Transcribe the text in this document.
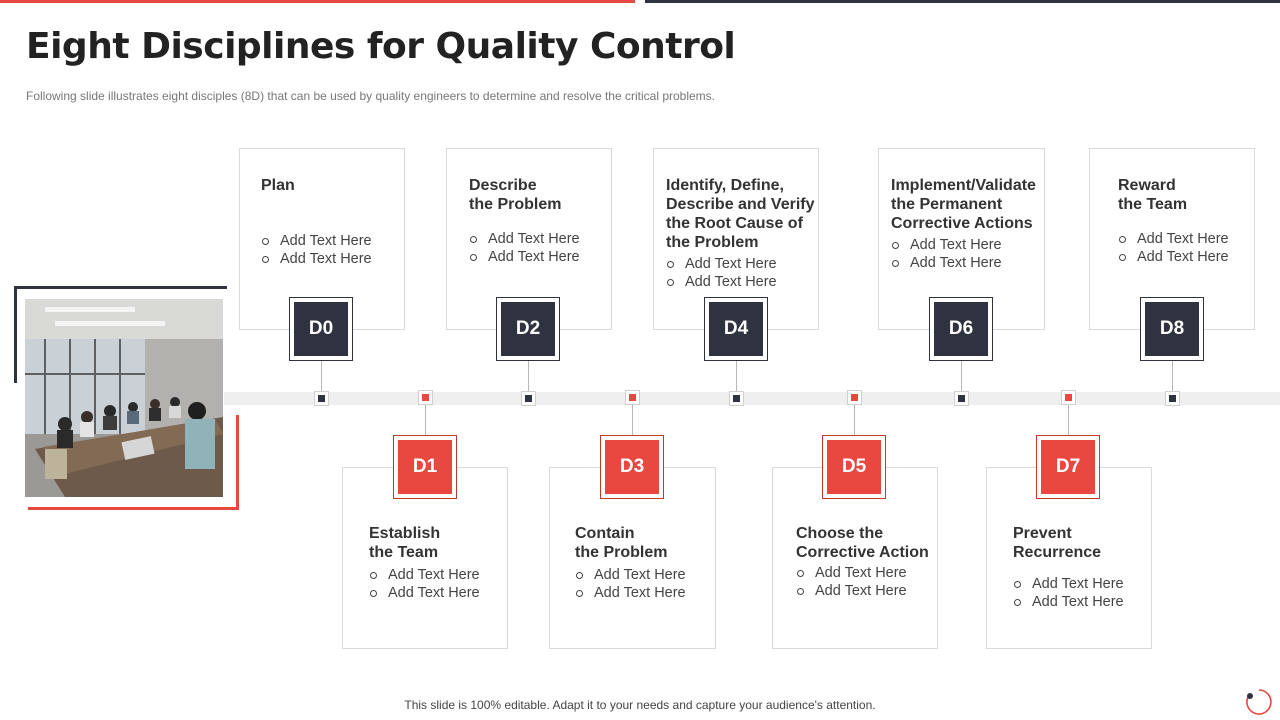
Eight Disciplines for Quality Control
Following slide illustrates eight disciples (8D) that can be used by quality engineers to determine and resolve the critical problems.
D0
Plan
Add Text Here
Add Text Here
D1
Establish
the Team
Add Text Here
Add Text Here
D2
Describe
the Problem
Add Text Here
Add Text Here
D3
Contain
the Problem
Add Text Here
Add Text Here
D4
Identify, Define,
Describe and Verify
the Root Cause of
the Problem
Add Text Here
Add Text Here
D5
Choose the
Corrective Action
Add Text Here
Add Text Here
D6
Implement/Validate
the Permanent
Corrective Actions
Add Text Here
Add Text Here
D7
Prevent
Recurrence
Add Text Here
Add Text Here
D8
Reward
the Team
Add Text Here
Add Text Here
This slide is 100% editable. Adapt it to your needs and capture your audience's attention.
